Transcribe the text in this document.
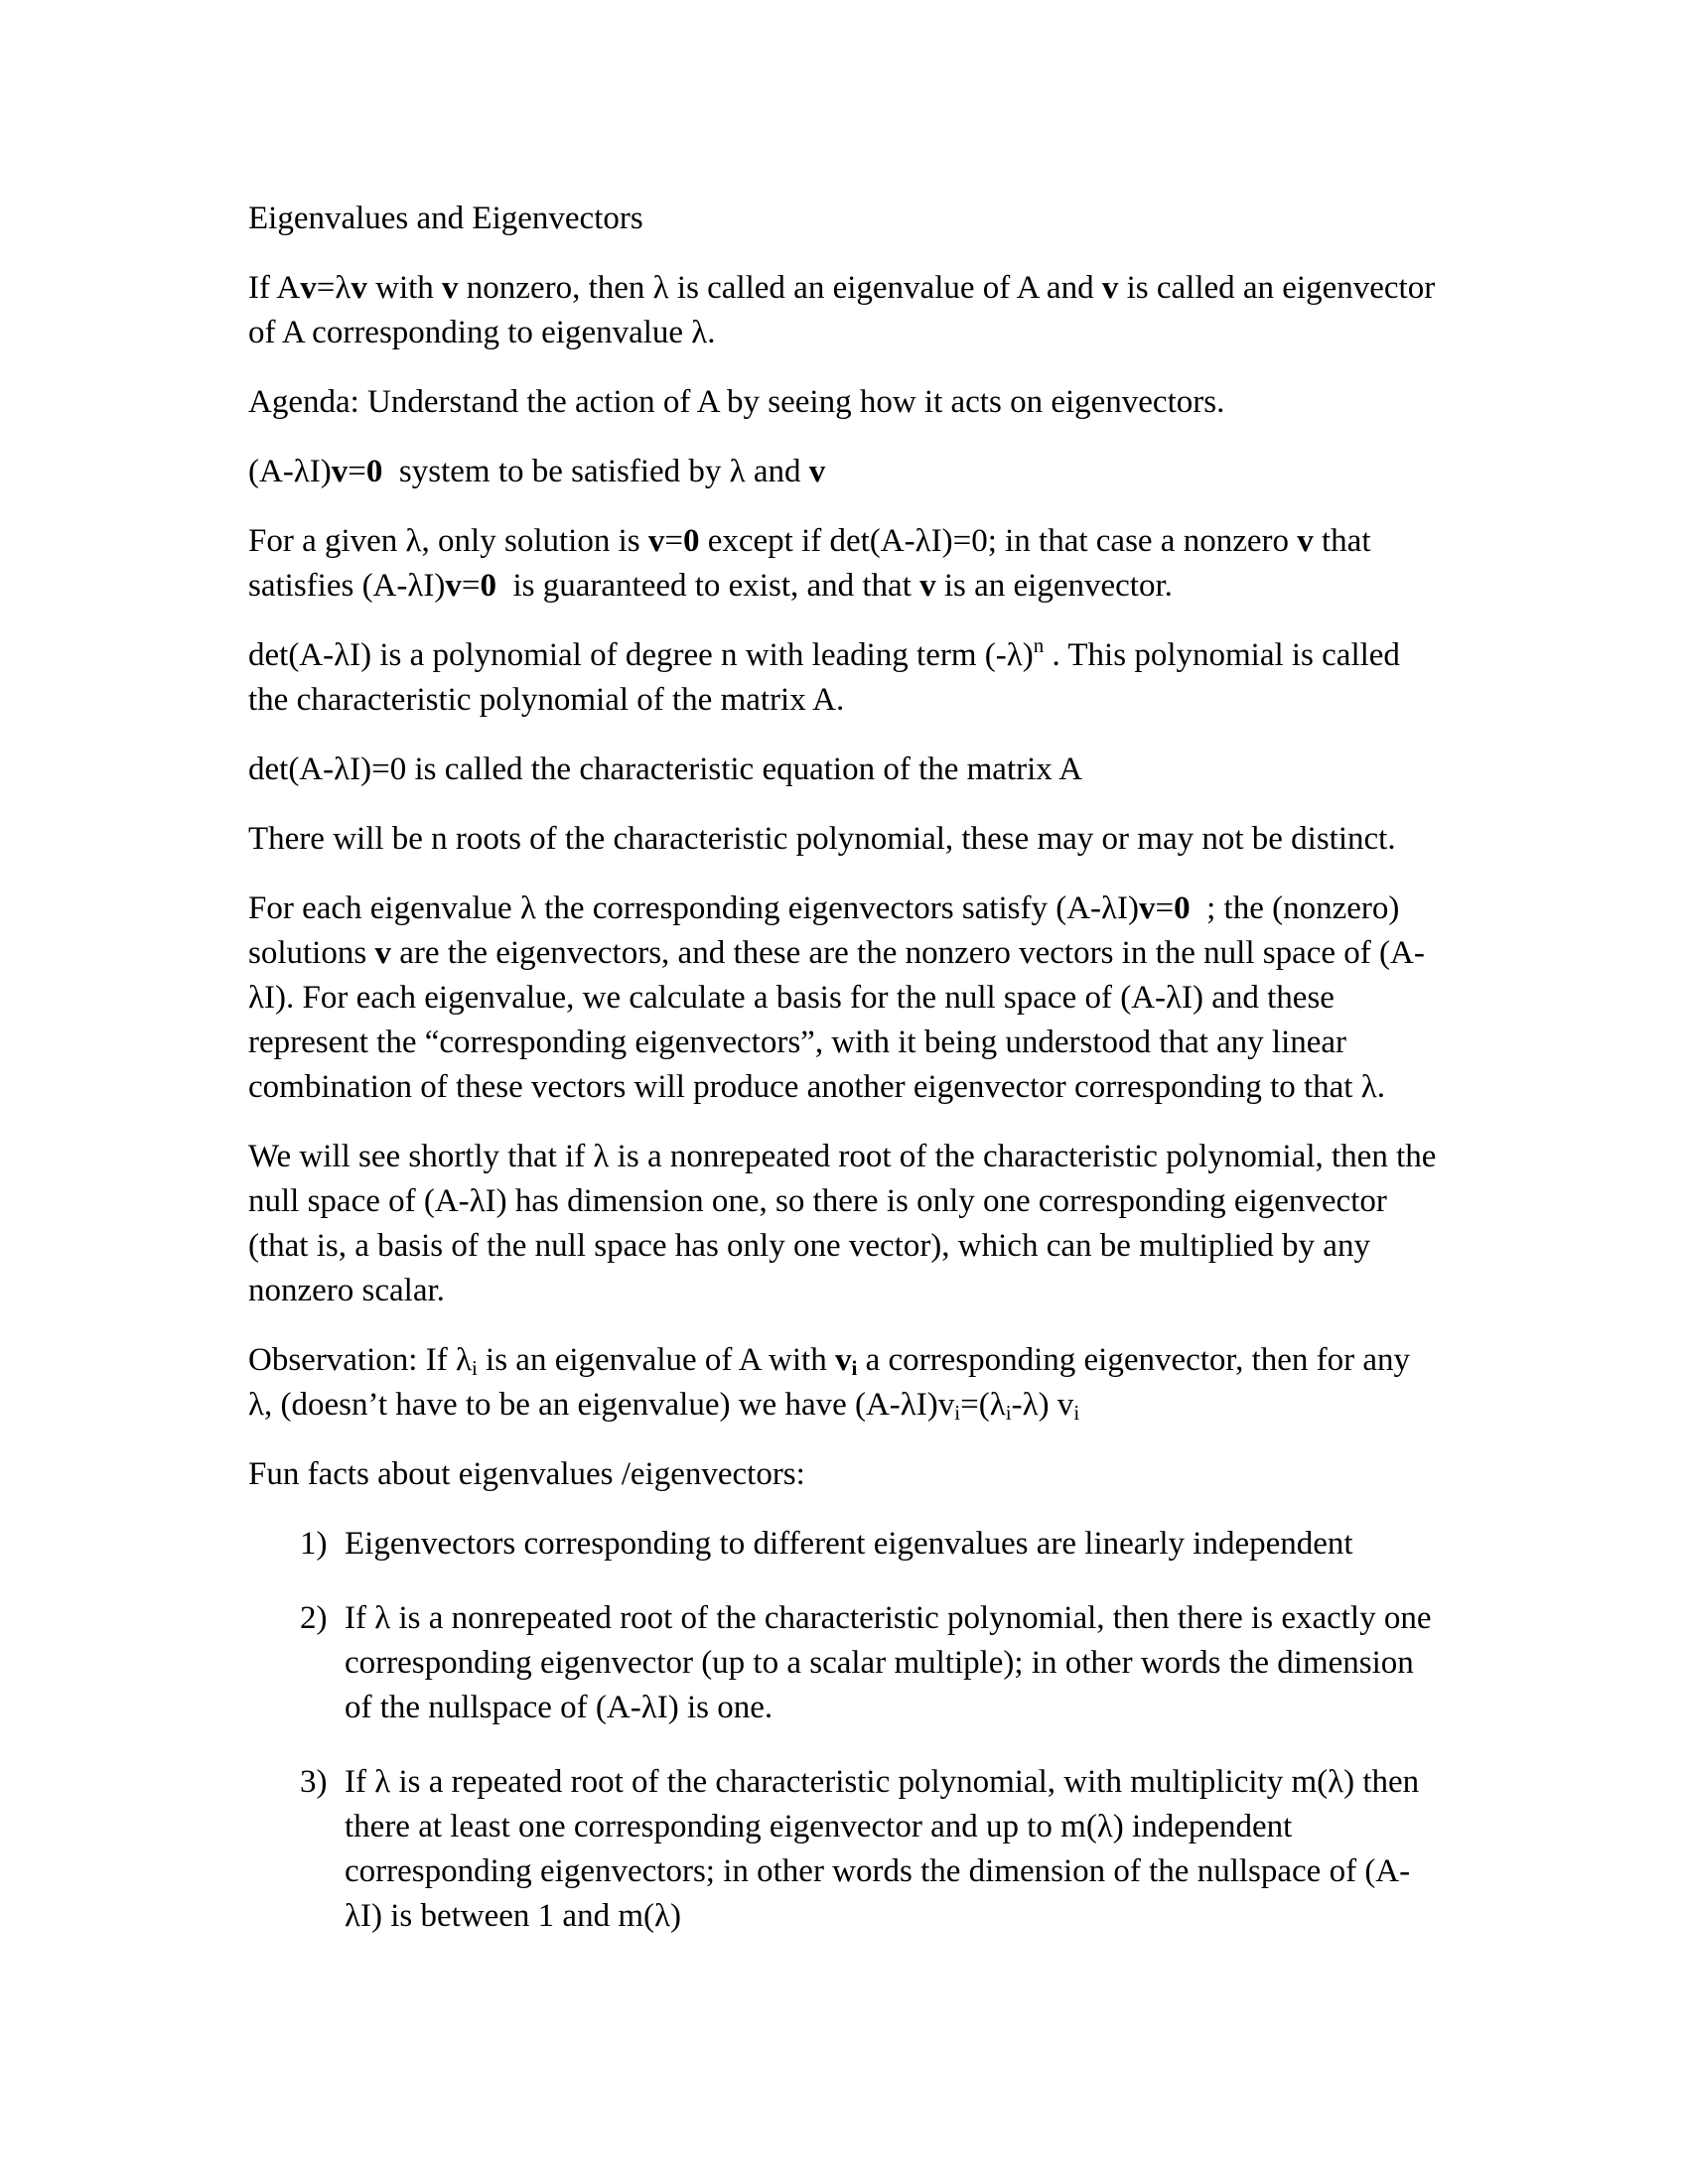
Eigenvalues and Eigenvectors
If Av=λv with v nonzero, then λ is called an eigenvalue of A and v is called an eigenvector of A corresponding to eigenvalue λ.
Agenda: Understand the action of A by seeing how it acts on eigenvectors.
(A-λI)v=0  system to be satisfied by λ and v
For a given λ, only solution is v=0 except if det(A-λI)=0; in that case a nonzero v that satisfies (A-λI)v=0  is guaranteed to exist, and that v is an eigenvector.
det(A-λI) is a polynomial of degree n with leading term $(-\lambda)^n$ . This polynomial is called the characteristic polynomial of the matrix A.
det(A-λI)=0 is called the characteristic equation of the matrix A
There will be n roots of the characteristic polynomial, these may or may not be distinct.
For each eigenvalue λ the corresponding eigenvectors satisfy (A-λI)v=0  ; the (nonzero) solutions v are the eigenvectors, and these are the nonzero vectors in the null space of (A-λI). For each eigenvalue, we calculate a basis for the null space of (A-λI) and these represent the “corresponding eigenvectors”, with it being understood that any linear combination of these vectors will produce another eigenvector corresponding to that λ.
We will see shortly that if λ is a nonrepeated root of the characteristic polynomial, then the null space of (A-λI) has dimension one, so there is only one corresponding eigenvector (that is, a basis of the null space has only one vector), which can be multiplied by any nonzero scalar.
Observation: If $\lambda_i$ is an eigenvalue of A with $v_i$ a corresponding eigenvector, then for any λ, (doesn’t have to be an eigenvalue) we have $(A-\lambda I)v_i=(\lambda_i-\lambda)$ $v_i$
Fun facts about eigenvalues /eigenvectors:
1) Eigenvectors corresponding to different eigenvalues are linearly independent
2) If λ is a nonrepeated root of the characteristic polynomial, then there is exactly one corresponding eigenvector (up to a scalar multiple); in other words the dimension of the nullspace of (A-λI) is one.
3) If λ is a repeated root of the characteristic polynomial, with multiplicity m(λ) then there at least one corresponding eigenvector and up to m(λ) independent corresponding eigenvectors; in other words the dimension of the nullspace of (A-λI) is between 1 and m(λ)
